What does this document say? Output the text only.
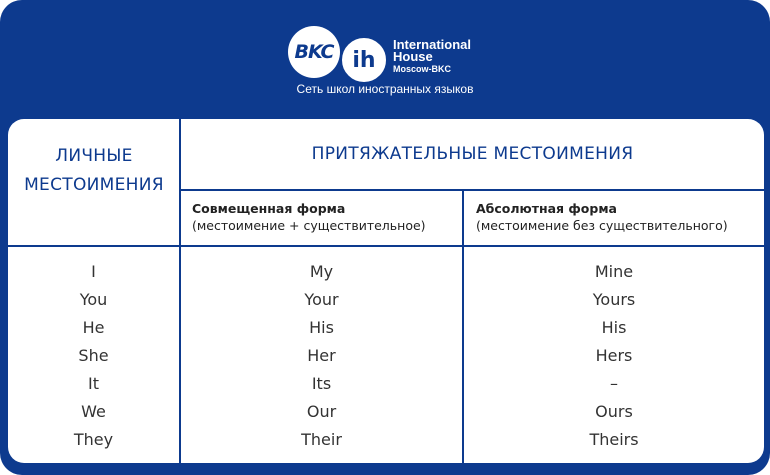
BKC ih
International
House
Moscow-BKC
Сеть школ иностранных языков
ЛИЧНЫЕ
МЕСТОИМЕНИЯ
ПРИТЯЖАТЕЛЬНЫЕ МЕСТОИМЕНИЯ
Совмещенная форма
(местоимение + существительное)
Абсолютная форма
(местоимение без существительного)
I
You
He
She
It
We
They
My
Your
His
Her
Its
Our
Their
Mine
Yours
His
Hers
–
Ours
Theirs
